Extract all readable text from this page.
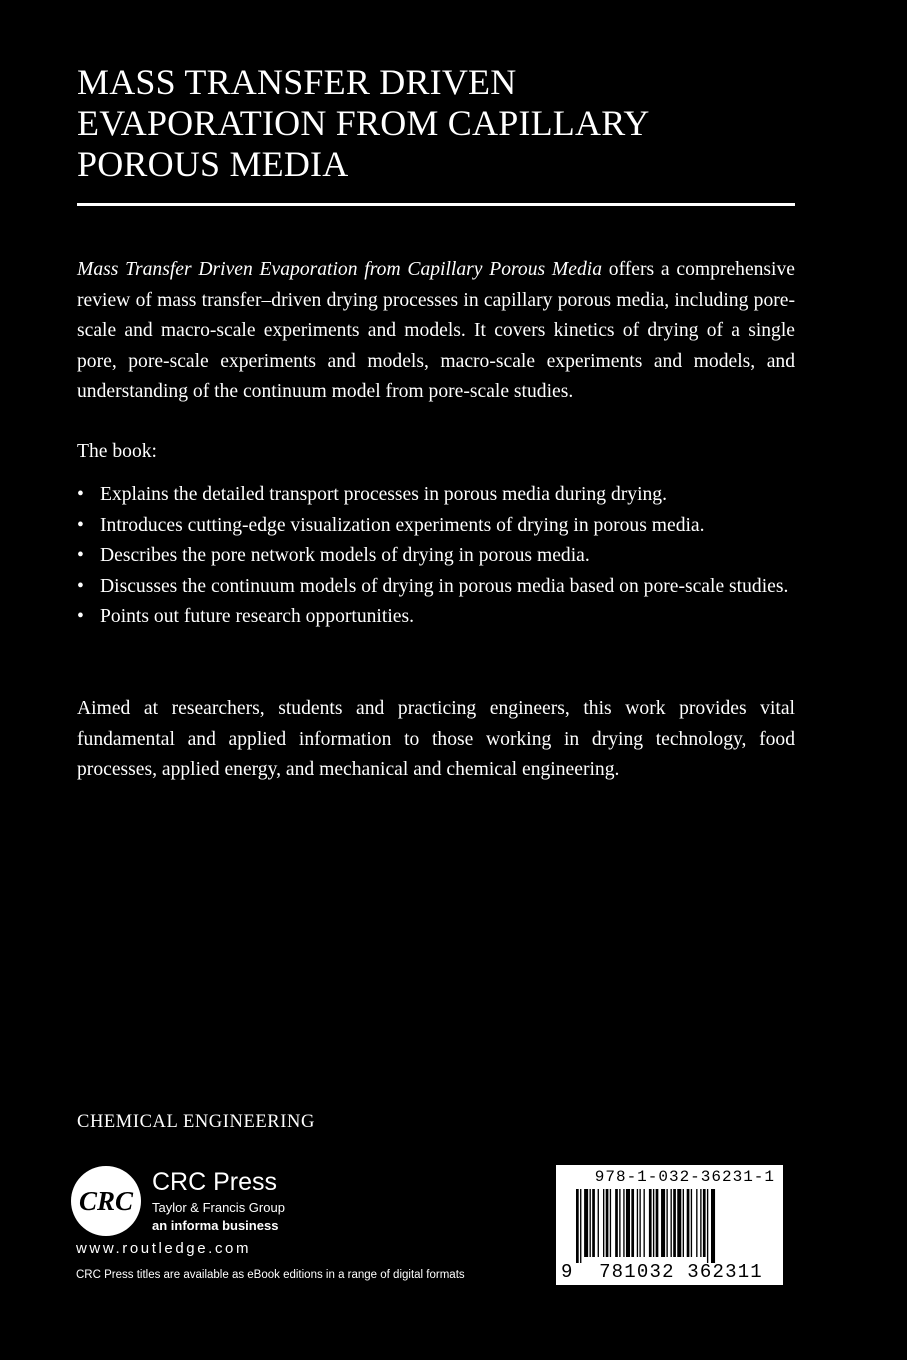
MASS TRANSFER DRIVEN
EVAPORATION FROM CAPILLARY
POROUS MEDIA

Mass Transfer Driven Evaporation from Capillary Porous Media offers a comprehensive review of mass transfer–driven drying processes in capillary porous media, including pore-scale and macro-scale experiments and models. It covers kinetics of drying of a single pore, pore-scale experiments and models, macro-scale experiments and models, and understanding of the continuum model from pore-scale studies.

The book:

• Explains the detailed transport processes in porous media during drying.
• Introduces cutting-edge visualization experiments of drying in porous media.
• Describes the pore network models of drying in porous media.
• Discusses the continuum models of drying in porous media based on pore-scale studies.
• Points out future research opportunities.

Aimed at researchers, students and practicing engineers, this work provides vital fundamental and applied information to those working in drying technology, food processes, applied energy, and mechanical and chemical engineering.

CHEMICAL ENGINEERING
CRC
CRC Press
Taylor & Francis Group
an informa business
www.routledge.com
CRC Press titles are available as eBook editions in a range of digital formats
978-1-032-36231-1
9	781032 362311
